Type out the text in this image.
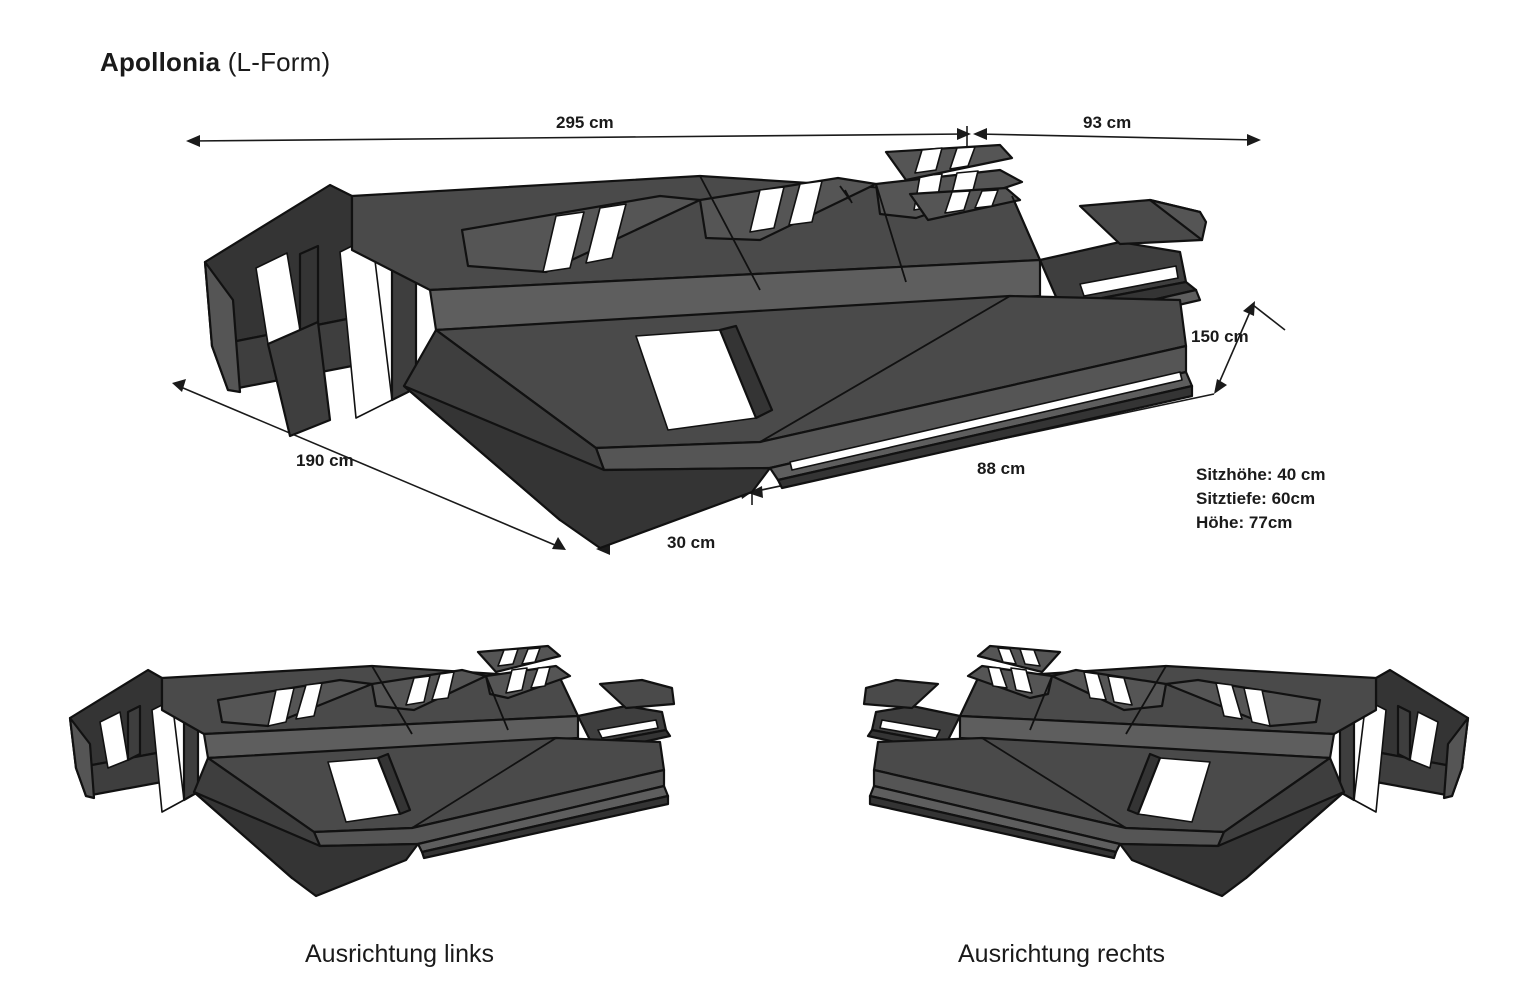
Apollonia (L-Form)
295 cm	93 cm
150 cm
190 cm	88 cm
30 cm
Sitzhöhe: 40 cm
Sitztiefe: 60cm
Höhe: 77cm
Ausrichtung links	Ausrichtung rechts
